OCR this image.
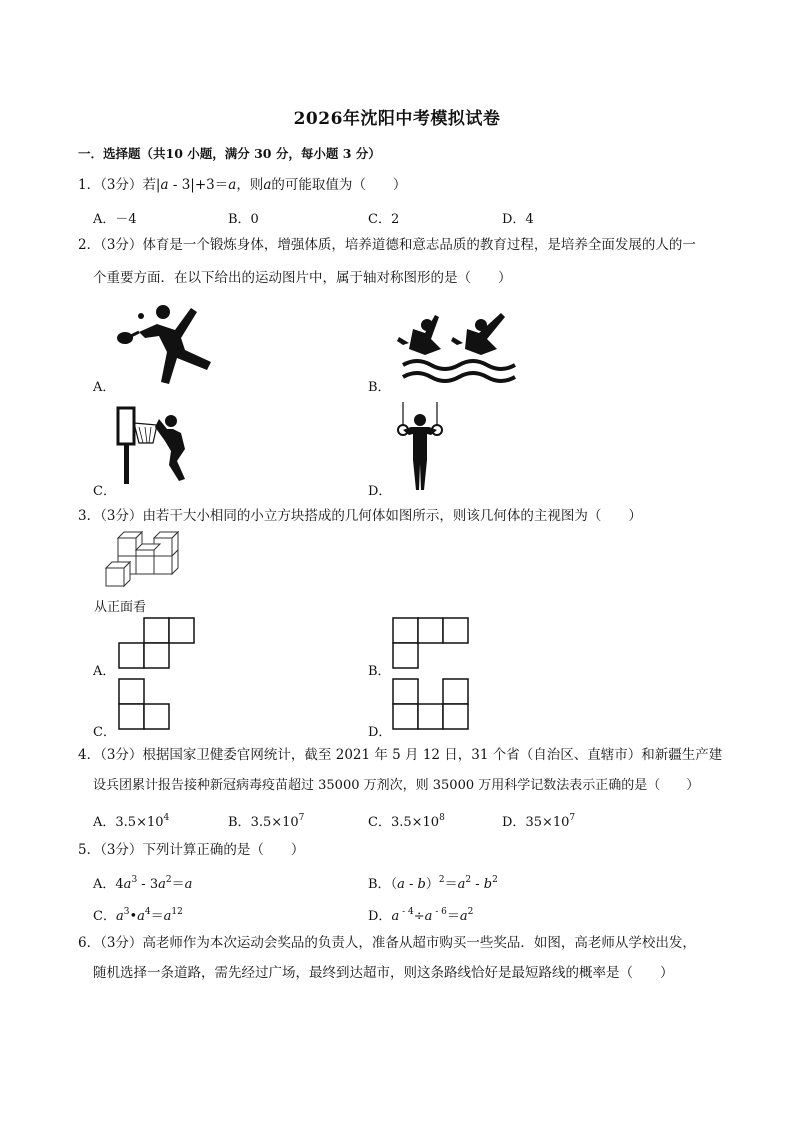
2026年沈阳中考模拟试卷
一．选择题（共10 小题，满分 30 分，每小题 3 分）
1．（3分）若|a - 3|+3＝a，则a的可能取值为（　　）
A．－4	B．0	C．2	D．4
2．（3分）体育是一个锻炼身体，增强体质，培养道德和意志品质的教育过程，是培养全面发展的人的一
个重要方面．在以下给出的运动图片中，属于轴对称图形的是（　　）
A．	B．
C．	D．
3．（3分）由若干大小相同的小立方块搭成的几何体如图所示，则该几何体的主视图为（　　）
从正面看
A．	B．
C．	D．
4．（3分）根据国家卫健委官网统计，截至 2021 年 5 月 12 日，31 个省（自治区、直辖市）和新疆生产建
设兵团累计报告接种新冠病毒疫苗超过 35000 万剂次，则 35000 万用科学记数法表示正确的是（　　）
A．$3.5\times 10^4$	B．$3.5\times 10^7$	C．$3.5\times 10^8$	D．$35\times 10^7$
5．（3分）下列计算正确的是（　　）
A．$4a^3 - 3a^2=a$	B．$(a - b)^2=a^2 - b^2$
C．$a^3•a^4=a^{12}$	D．a $^{- 4}$÷a $^{- 6}=a^2$
6．（3分）高老师作为本次运动会奖品的负责人，准备从超市购买一些奖品．如图，高老师从学校出发，
随机选择一条道路，需先经过广场，最终到达超市，则这条路线恰好是最短路线的概率是（　　）
